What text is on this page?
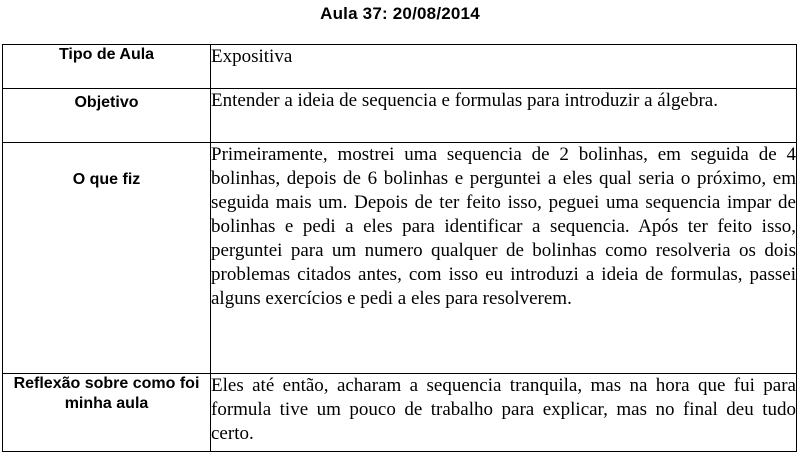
Aula 37: 20/08/2014
Tipo de Aula	Expositiva
Objetivo	Entender a ideia de sequencia e formulas para introduzir a álgebra.
O que fiz	Primeiramente, mostrei uma sequencia de 2 bolinhas, em seguida de 4 bolinhas, depois de 6 bolinhas e perguntei a eles qual seria o próximo, em seguida mais um. Depois de ter feito isso, peguei uma sequencia impar de bolinhas e pedi a eles para identificar a sequencia. Após ter feito isso, perguntei para um numero qualquer de bolinhas como resolveria os dois problemas citados antes, com isso eu introduzi a ideia de formulas, passei alguns exercícios e pedi a eles para resolverem.
Reflexão sobre como foi minha aula	Eles até então, acharam a sequencia tranquila, mas na hora que fui para formula tive um pouco de trabalho para explicar, mas no final deu tudo certo.
